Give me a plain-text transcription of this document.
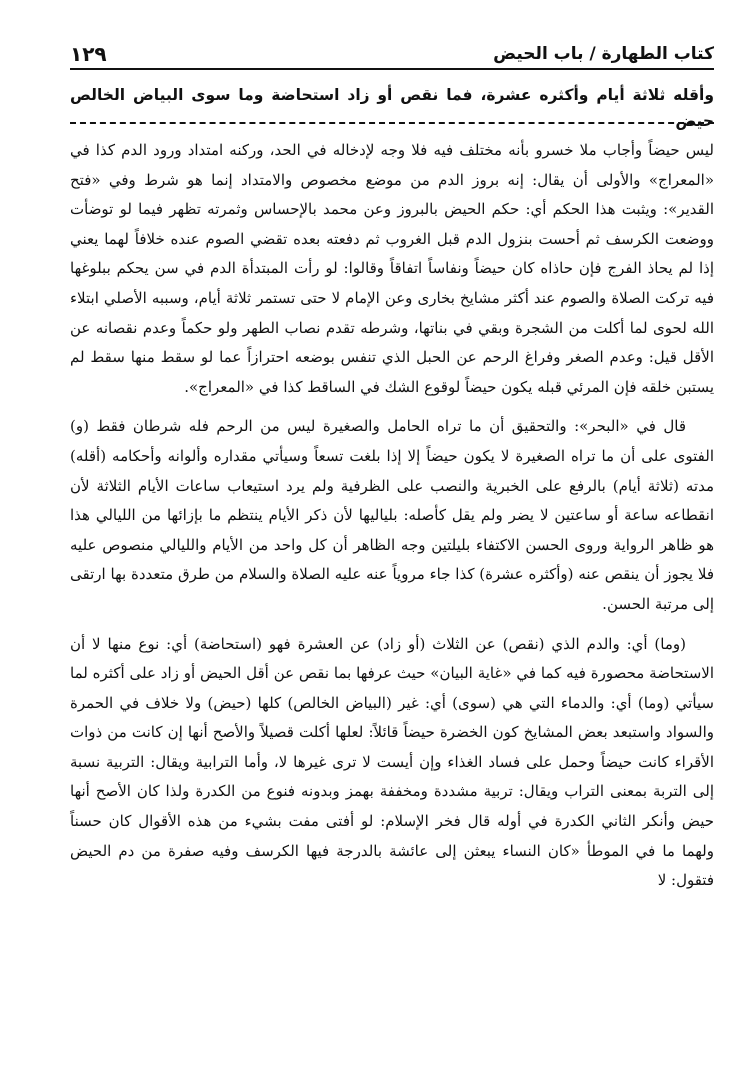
كتاب الطهارة / باب الحيض
١٢٩
وأقله ثلاثة أيام وأكثره عشرة، فما نقص أو زاد استحاضة وما سوى البياض الخالص حيض

ليس حيضاً وأجاب ملا خسرو بأنه مختلف فيه فلا وجه لإدخاله في الحد، وركنه امتداد ورود الدم كذا في «المعراج» والأولى أن يقال: إنه بروز الدم من موضع مخصوص والامتداد إنما هو شرط وفي «فتح القدير»: ويثبت هذا الحكم أي: حكم الحيض بالبروز وعن محمد بالإحساس وثمرته تظهر فيما لو توضأت ووضعت الكرسف ثم أحست بنزول الدم قبل الغروب ثم دفعته بعده تقضي الصوم عنده خلافاً لهما يعني إذا لم يحاذ الفرج فإن حاذاه كان حيضاً ونفاساً اتفاقاً وقالوا: لو رأت المبتدأة الدم في سن يحكم ببلوغها فيه تركت الصلاة والصوم عند أكثر مشايخ بخارى وعن الإمام لا حتى تستمر ثلاثة أيام، وسببه الأصلي ابتلاء الله لحوى لما أكلت من الشجرة وبقي في بناتها، وشرطه تقدم نصاب الطهر ولو حكماً وعدم نقصانه عن الأقل قيل: وعدم الصغر وفراغ الرحم عن الحبل الذي تنفس بوضعه احترازاً عما لو سقط منها سقط لم يستبن خلقه فإن المرئي قبله يكون حيضاً لوقوع الشك في الساقط كذا في «المعراج».

قال في «البحر»: والتحقيق أن ما تراه الحامل والصغيرة ليس من الرحم فله شرطان فقط (و) الفتوى على أن ما تراه الصغيرة لا يكون حيضاً إلا إذا بلغت تسعاً وسيأتي مقداره وألوانه وأحكامه (أقله) مدته (ثلاثة أيام) بالرفع على الخبرية والنصب على الظرفية ولم يرد استيعاب ساعات الأيام الثلاثة لأن انقطاعه ساعة أو ساعتين لا يضر ولم يقل كأصله: بلياليها لأن ذكر الأيام ينتظم ما بإزائها من الليالي هذا هو ظاهر الرواية وروى الحسن الاكتفاء بليلتين وجه الظاهر أن كل واحد من الأيام والليالي منصوص عليه فلا يجوز أن ينقص عنه (وأكثره عشرة) كذا جاء مروياً عنه عليه الصلاة والسلام من طرق متعددة بها ارتقى إلى مرتبة الحسن.

(وما) أي: والدم الذي (نقص) عن الثلاث (أو زاد) عن العشرة فهو (استحاضة) أي: نوع منها لا أن الاستحاضة محصورة فيه كما في «غاية البيان» حيث عرفها بما نقص عن أقل الحيض أو زاد على أكثره لما سيأتي (وما) أي: والدماء التي هي (سوى) أي: غير (البياض الخالص) كلها (حيض) ولا خلاف في الحمرة والسواد واستبعد بعض المشايخ كون الخضرة حيضاً قائلاً: لعلها أكلت قصيلاً والأصح أنها إن كانت من ذوات الأقراء كانت حيضاً وحمل على فساد الغذاء وإن أيست لا ترى غيرها لا، وأما الترابية ويقال: التربية نسبة إلى التربة بمعنى التراب ويقال: تربية مشددة ومخففة بهمز وبدونه فنوع من الكدرة ولذا كان الأصح أنها حيض وأنكر الثاني الكدرة في أوله قال فخر الإسلام: لو أفتى مفت بشيء من هذه الأقوال كان حسناً ولهما ما في الموطأ «كان النساء يبعثن إلى عائشة بالدرجة فيها الكرسف وفيه صفرة من دم الحيض فتقول: لا
